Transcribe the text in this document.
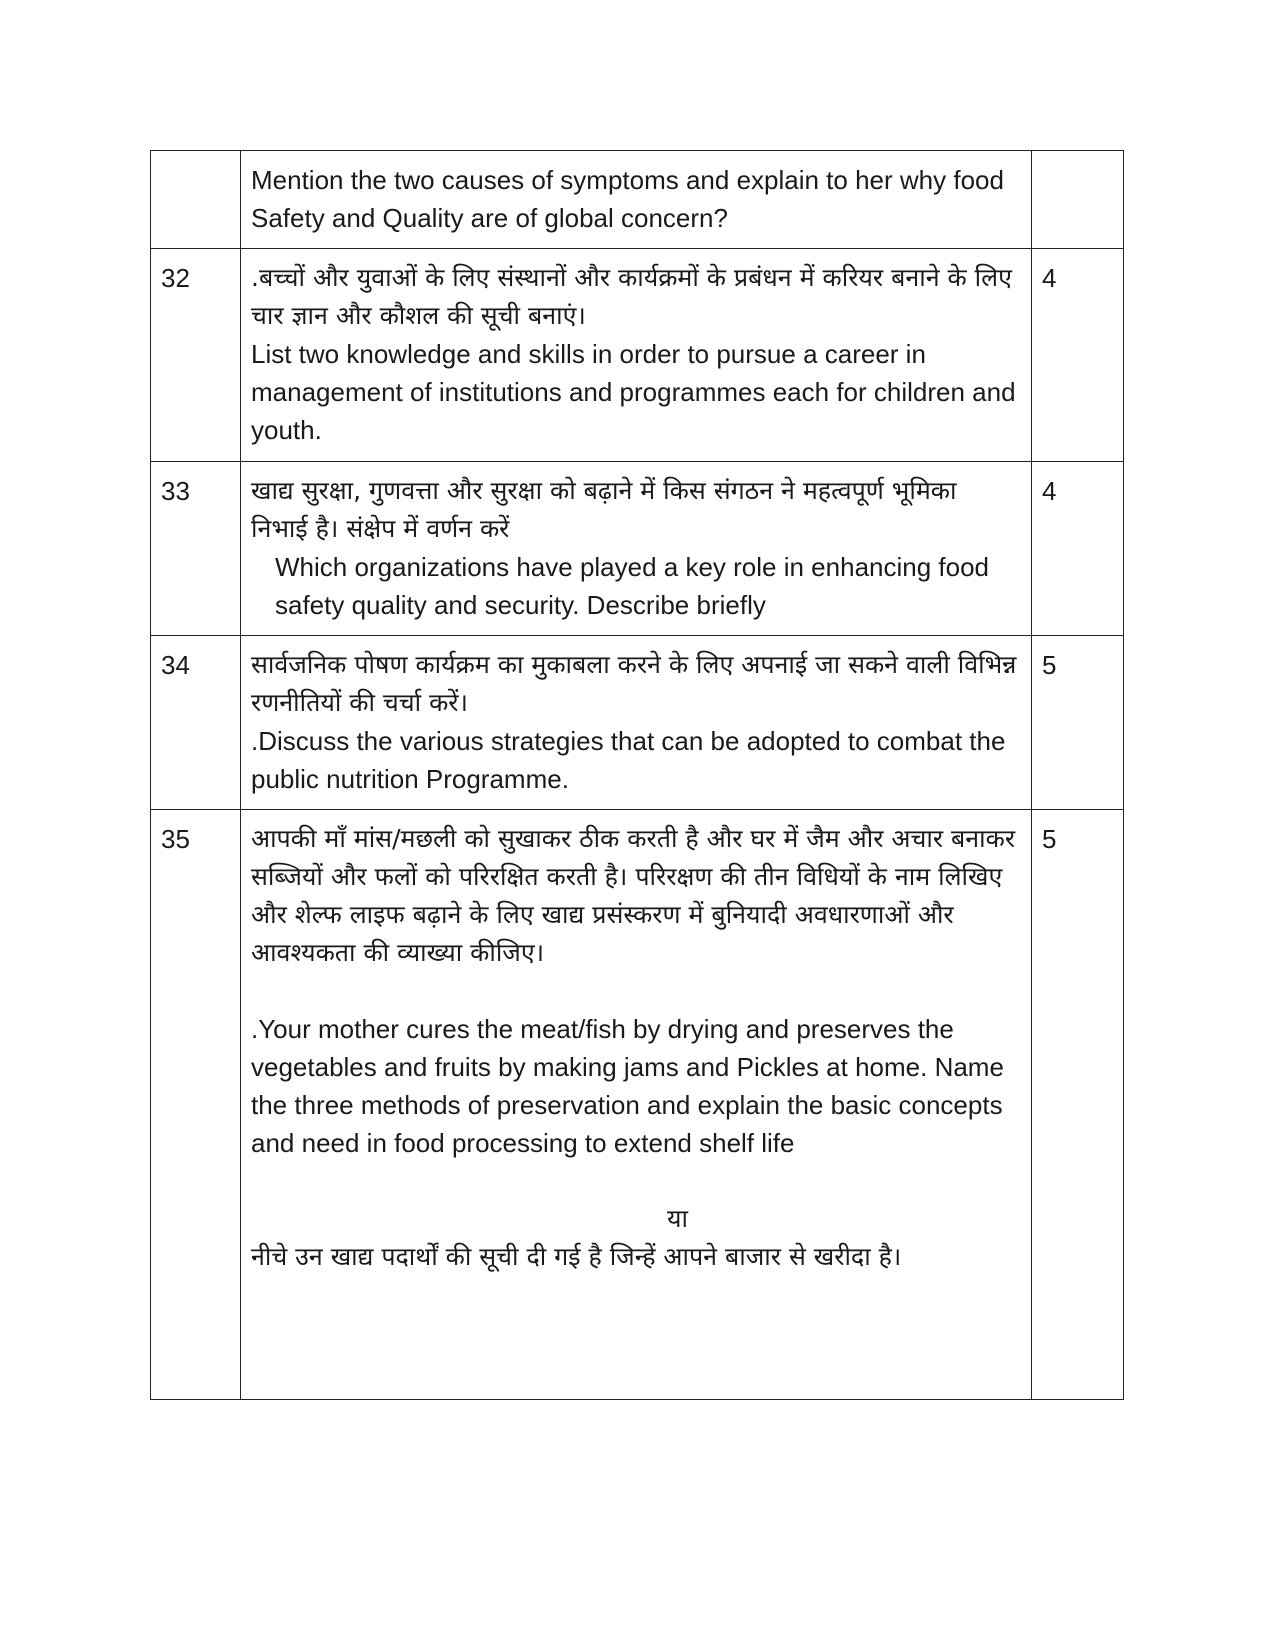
	Mention the two causes of symptoms and explain to her why food Safety and Quality are of global concern?	

32	.बच्चों और युवाओं के लिए संस्थानों और कार्यक्रमों के प्रबंधन में करियर बनाने के लिए चार ज्ञान और कौशल की सूची बनाएं।
List two knowledge and skills in order to pursue a career in management of institutions and programmes each for children and youth.	4
33	खाद्य सुरक्षा, गुणवत्ता और सुरक्षा को बढ़ाने में किस संगठन ने महत्वपूर्ण भूमिका निभाई है। संक्षेप में वर्णन करें
Which organizations have played a key role in enhancing food safety quality and security. Describe briefly	4
34	सार्वजनिक पोषण कार्यक्रम का मुकाबला करने के लिए अपनाई जा सकने वाली विभिन्न रणनीतियों की चर्चा करें।
.Discuss the various strategies that can be adopted to combat the public nutrition Programme.	5
35	आपकी माँ मांस/मछली को सुखाकर ठीक करती है और घर में जैम और अचार बनाकर सब्जियों और फलों को परिरक्षित करती है। परिरक्षण की तीन विधियों के नाम लिखिए और शेल्फ लाइफ बढ़ाने के लिए खाद्य प्रसंस्करण में बुनियादी अवधारणाओं और आवश्यकता की व्याख्या कीजिए।
.Your mother cures the meat/fish by drying and preserves the vegetables and fruits by making jams and Pickles at home. Name the three methods of preservation and explain the basic concepts and need in food processing to extend shelf life
या
नीचे उन खाद्य पदार्थों की सूची दी गई है जिन्हें आपने बाजार से खरीदा है।	5
